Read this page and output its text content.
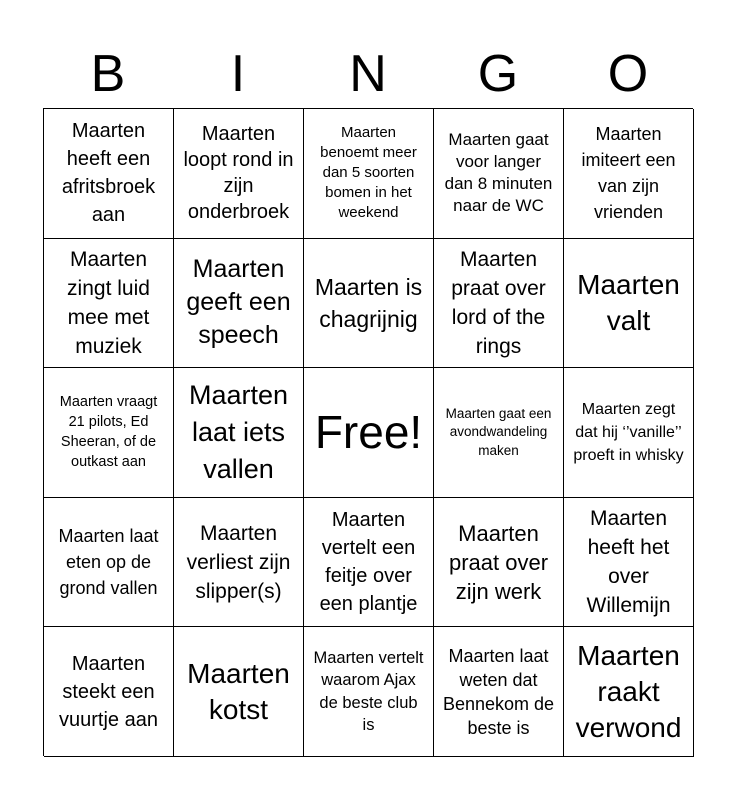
B	I	N	G	O
Maarten heeft een afritsbroek aan
Maarten loopt rond in zijn onderbroek
Maarten benoemt meer dan 5 soorten bomen in het weekend
Maarten gaat voor langer dan 8 minuten naar de WC
Maarten imiteert een van zijn vrienden
Maarten zingt luid mee met muziek
Maarten geeft een speech
Maarten is chagrijnig
Maarten praat over lord of the rings
Maarten valt
Maarten vraagt 21 pilots, Ed Sheeran, of de outkast aan
Maarten laat iets vallen
Free! Maarten gaat een avondwandeling maken
Maarten zegt dat hij ‘’vanille’’ proeft in whisky
Maarten laat eten op de grond vallen
Maarten verliest zijn slipper(s)
Maarten vertelt een feitje over een plantje
Maarten praat over zijn werk
Maarten heeft het over Willemijn
Maarten steekt een vuurtje aan
Maarten kotst
Maarten vertelt waarom Ajax de beste club is
Maarten laat weten dat Bennekom de beste is
Maarten raakt verwond
